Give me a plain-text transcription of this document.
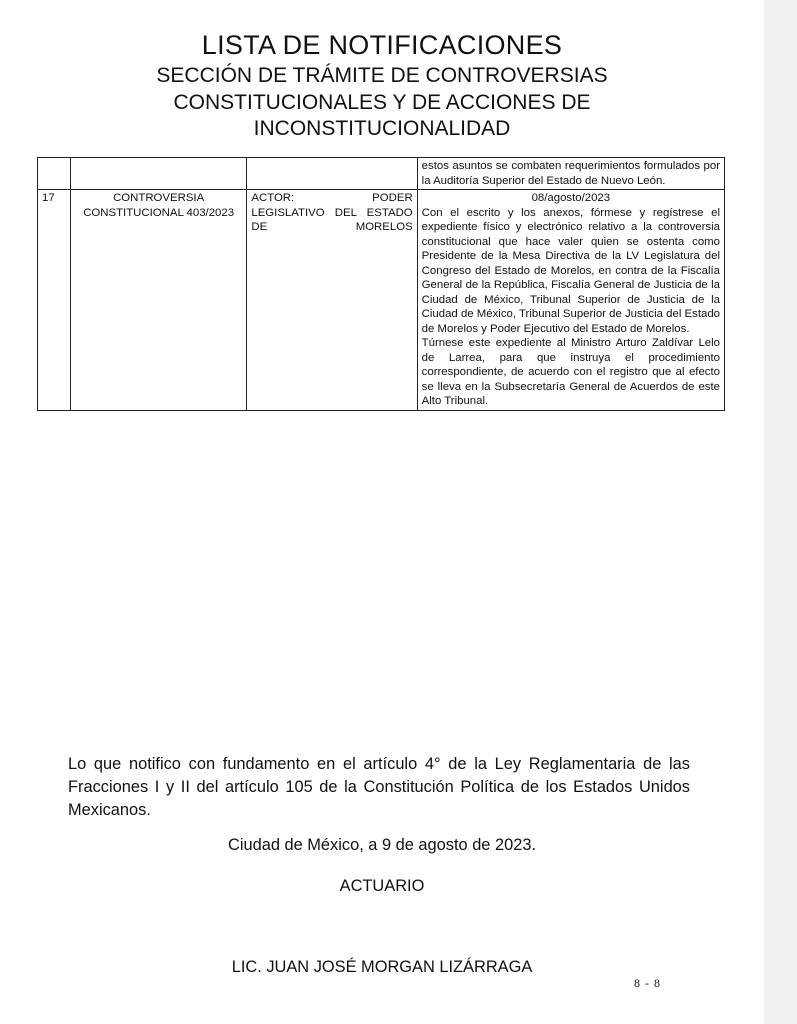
LISTA DE NOTIFICACIONES
SECCIÓN DE TRÁMITE DE CONTROVERSIAS
CONSTITUCIONALES Y DE ACCIONES DE
INCONSTITUCIONALIDAD

			estos asuntos se combaten requerimientos formulados por la Auditoría Superior del Estado de Nuevo León.

17	CONTROVERSIA CONSTITUCIONAL 403/2023	ACTOR: PODER LEGISLATIVO DEL ESTADO DE MORELOS	08/agosto/2023
Con el escrito y los anexos, fórmese y regístrese el expediente físico y electrónico relativo a la controversia constitucional que hace valer quien se ostenta como Presidente de la Mesa Directiva de la LV Legislatura del Congreso del Estado de Morelos, en contra de la Fiscalía General de la República, Fiscalía General de Justicia de la Ciudad de México, Tribunal Superior de Justicia de la Ciudad de México, Tribunal Superior de Justicia del Estado de Morelos y Poder Ejecutivo del Estado de Morelos.
Túrnese este expediente al Ministro Arturo Zaldívar Lelo de Larrea, para que instruya el procedimiento correspondiente, de acuerdo con el registro que al efecto se lleva en la Subsecretaría General de Acuerdos de este Alto Tribunal.
Lo que notifico con fundamento en el artículo 4° de la Ley Reglamentaria de las Fracciones I y II del artículo 105 de la Constitución Política de los Estados Unidos Mexicanos.
Ciudad de México, a 9 de agosto de 2023.
ACTUARIO
LIC. JUAN JOSÉ MORGAN LIZÁRRAGA
8 - 8
